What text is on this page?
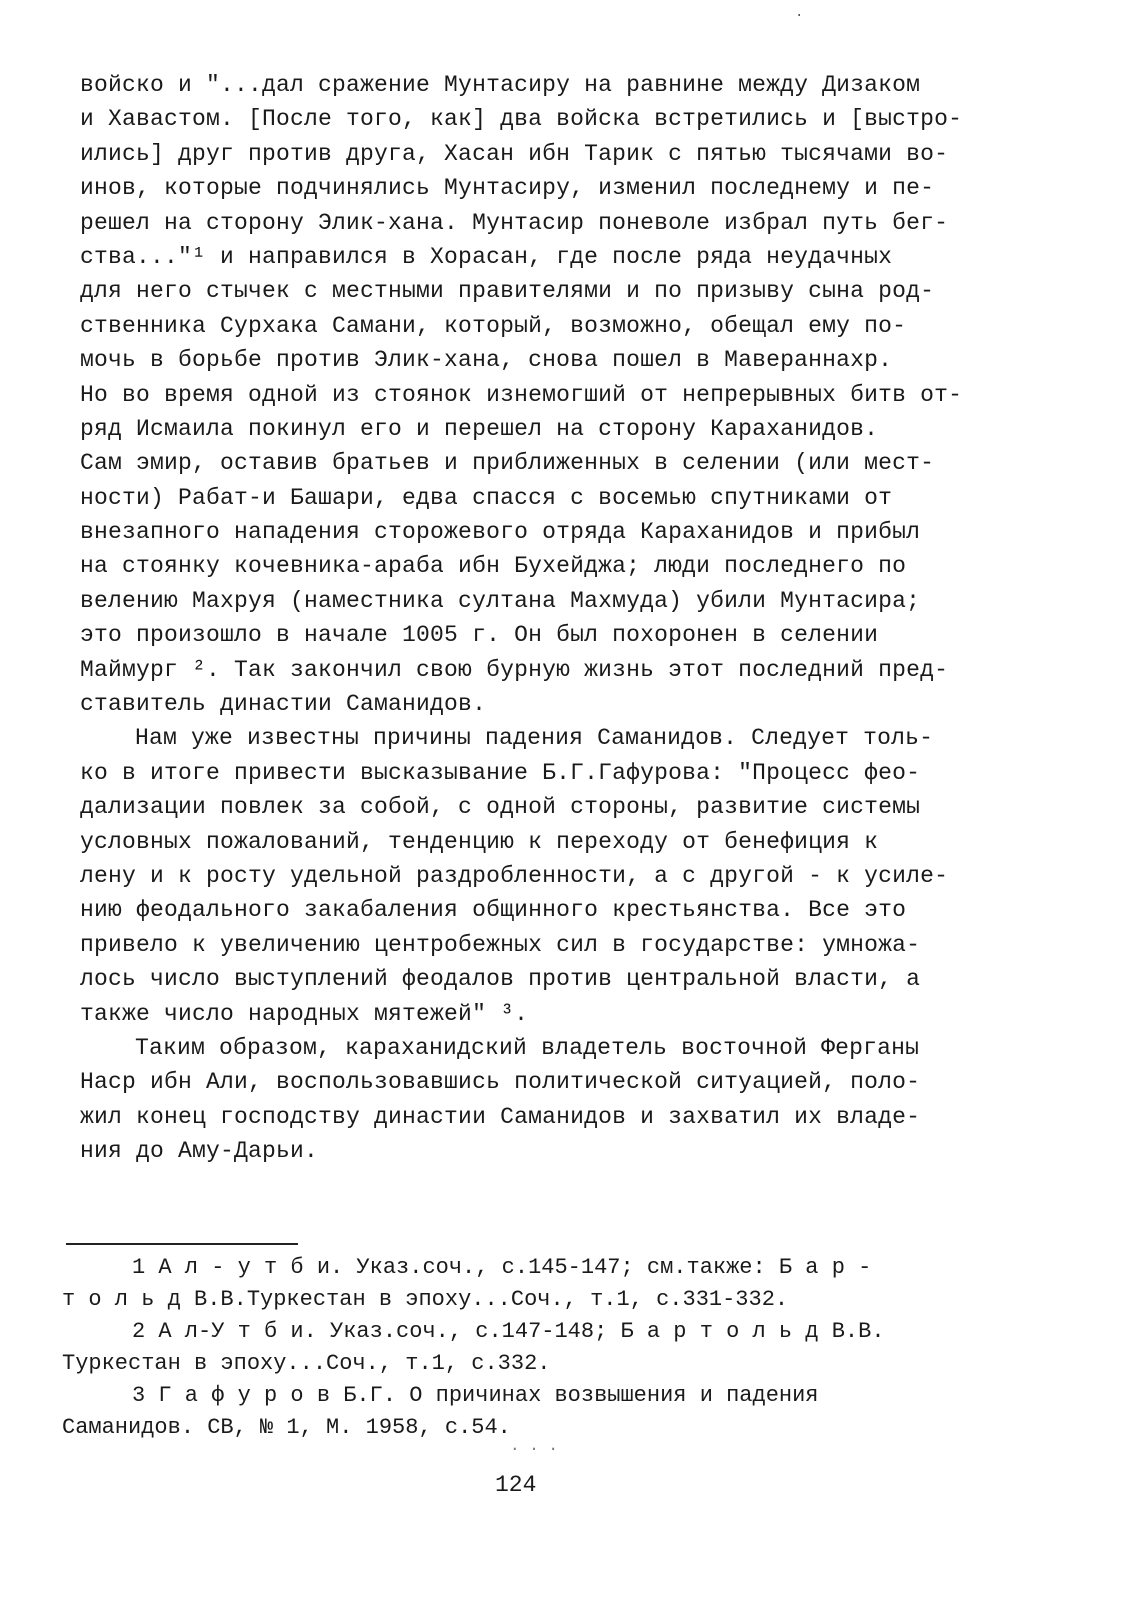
·
войско и "...дал сражение Мунтасиру на равнине между Дизаком
и Хавастом. [После того, как] два войска встретились и [выстро-
ились] друг против друга, Хасан ибн Тарик с пятью тысячами во-
инов, которые подчинялись Мунтасиру, изменил последнему и пе-
решел на сторону Элик-хана. Мунтасир поневоле избрал путь бег-
ства..."¹ и направился в Хорасан, где после ряда неудачных
для него стычек с местными правителями и по призыву сына род-
ственника Сурхака Самани, который, возможно, обещал ему по-
мочь в борьбе против Элик-хана, снова пошел в Мавераннахр.
Но во время одной из стоянок изнемогший от непрерывных битв от-
ряд Исмаила покинул его и перешел на сторону Караханидов.
Сам эмир, оставив братьев и приближенных в селении (или мест-
ности) Рабат-и Башари, едва спасся с восемью спутниками от
внезапного нападения сторожевого отряда Караханидов и прибыл
на стоянку кочевника-араба ибн Бухейджа; люди последнего по
велению Махруя (наместника султана Махмуда) убили Мунтасира;
это произошло в начале 1005 г. Он был похоронен в селении
Маймург ². Так закончил свою бурную жизнь этот последний пред-
ставитель династии Саманидов.
Нам уже известны причины падения Саманидов. Следует толь-
ко в итоге привести высказывание Б.Г.Гафурова: "Процесс фео-
дализации повлек за собой, с одной стороны, развитие системы
условных пожалований, тенденцию к переходу от бенефиция к
лену и к росту удельной раздробленности, а с другой - к усиле-
нию феодального закабаления общинного крестьянства. Все это
привело к увеличению центробежных сил в государстве: умножа-
лось число выступлений феодалов против центральной власти, а
также число народных мятежей" ³.
Таким образом, караханидский владетель восточной Ферганы
Наср ибн Али, воспользовавшись политической ситуацией, поло-
жил конец господству династии Саманидов и захватил их владе-
ния до Аму-Дарьи.
1 А л - у т б и. Указ.соч., с.145-147; см.также: Б а р -
т о л ь д В.В.Туркестан в эпоху...Соч., т.1, с.331-332.
2 А л-У т б и. Указ.соч., с.147-148; Б а р т о л ь д В.В.
Туркестан в эпоху...Соч., т.1, с.332.
3 Г а ф у р о в Б.Г. О причинах возвышения и падения
Саманидов. СВ, № 1, М. 1958, с.54.
· · ·
124
